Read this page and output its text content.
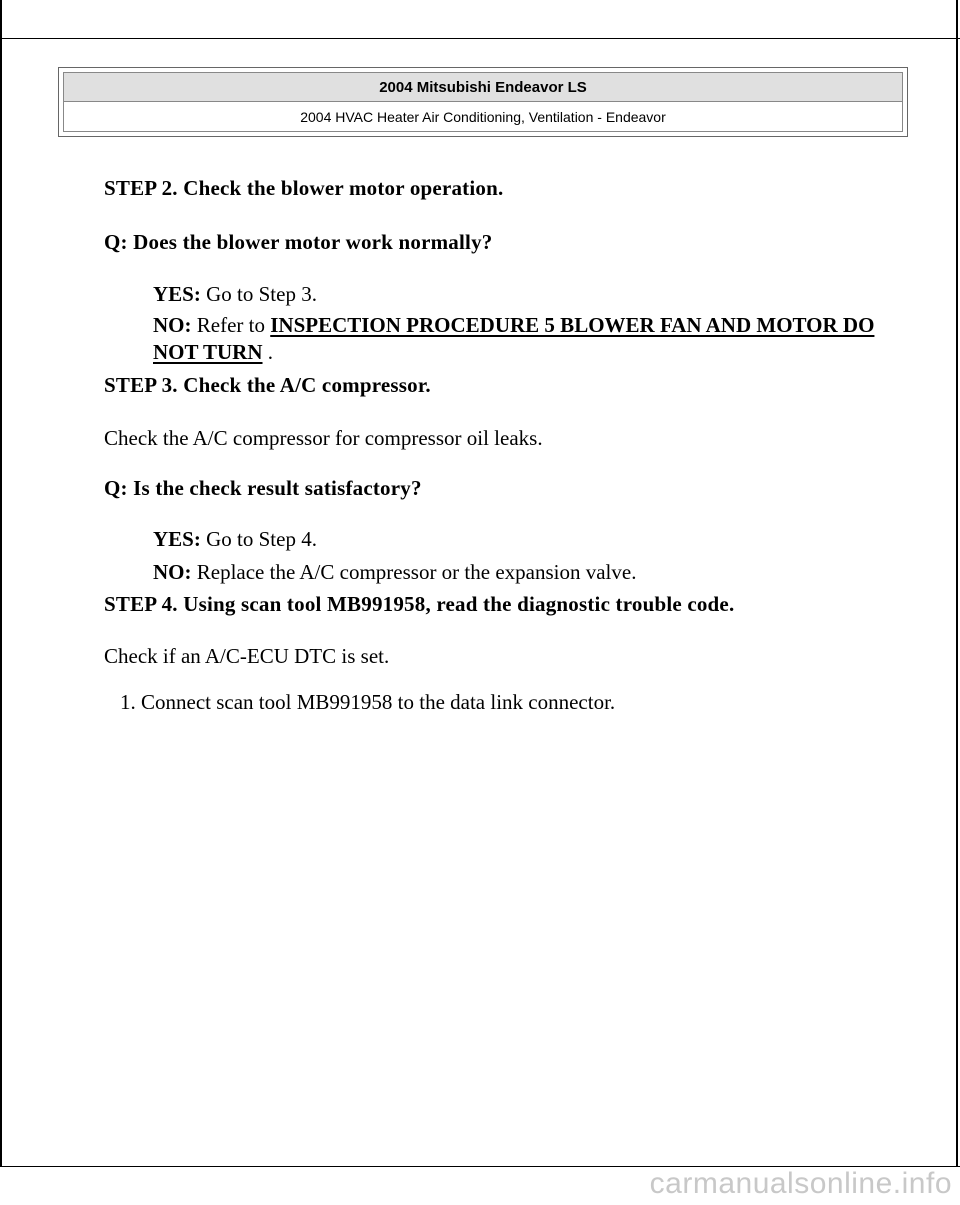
2004 Mitsubishi Endeavor LS
2004 HVAC Heater Air Conditioning, Ventilation - Endeavor
STEP 2. Check the blower motor operation.
Q: Does the blower motor work normally?
YES: Go to Step 3.
NO: Refer to INSPECTION PROCEDURE 5 BLOWER FAN AND MOTOR DO NOT TURN .
STEP 3. Check the A/C compressor.
Check the A/C compressor for compressor oil leaks.
Q: Is the check result satisfactory?
YES: Go to Step 4.
NO: Replace the A/C compressor or the expansion valve.
STEP 4. Using scan tool MB991958, read the diagnostic trouble code.
Check if an A/C-ECU DTC is set.
1. Connect scan tool MB991958 to the data link connector.
carmanualsonline.info
